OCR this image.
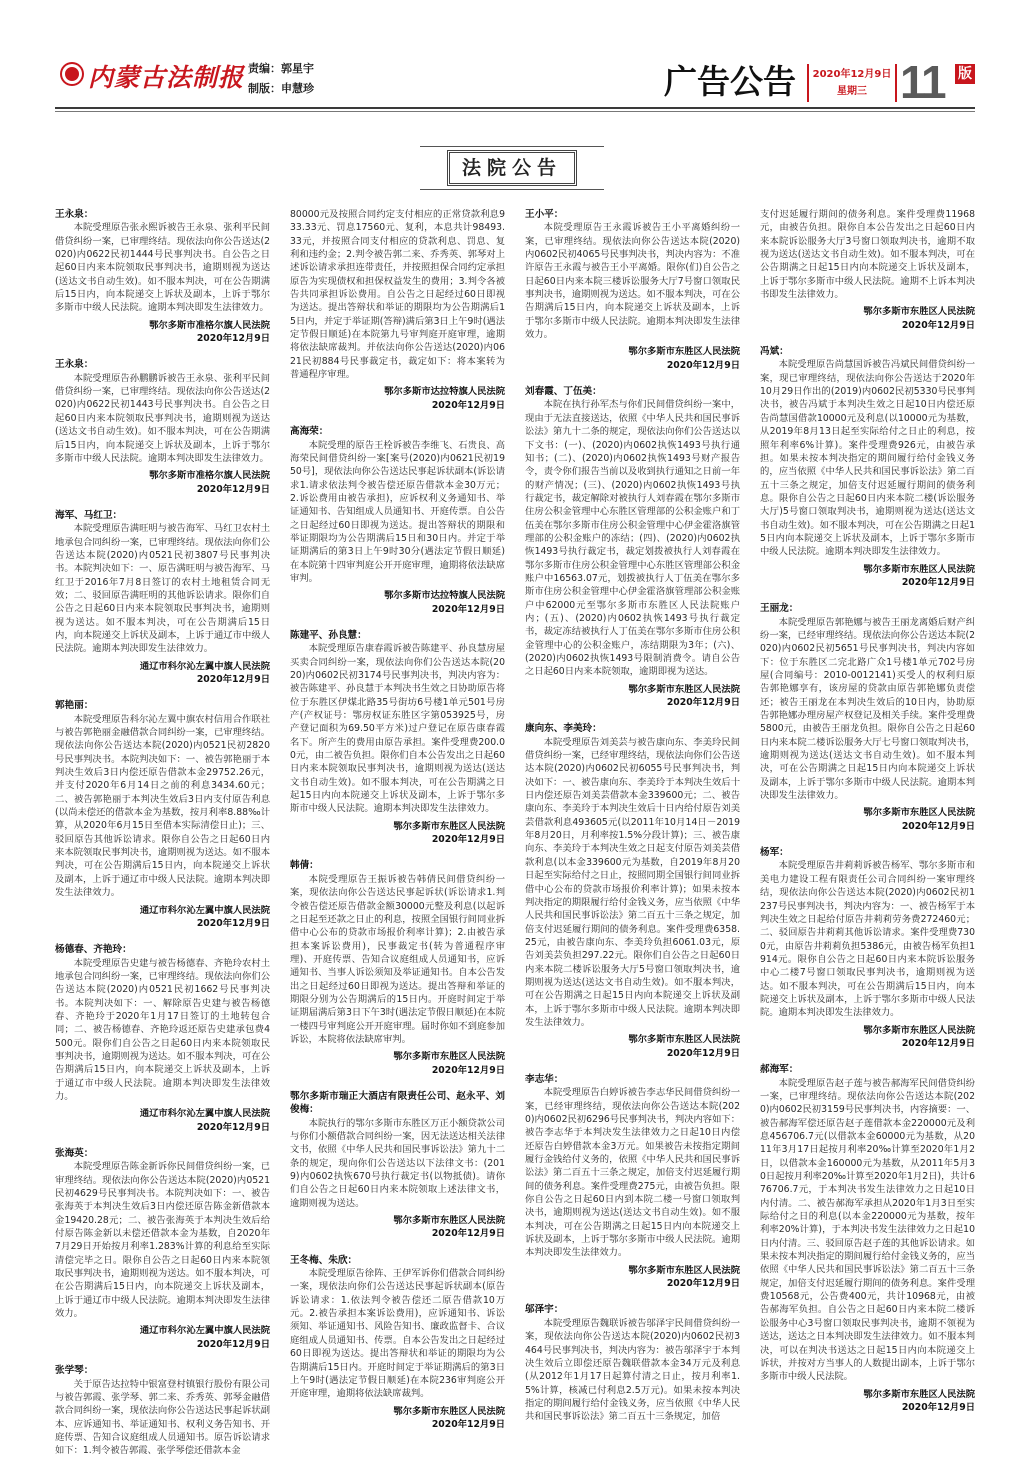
内蒙古法制报 责编：郭星宇
制版：申慧珍	广告公告	2020年12月9日
星期三 11 版
法院公告
王永泉：

本院受理原告张永熙诉被告王永泉、张利平民间借贷纠纷一案，已审理终结。现依法向你公告送达(2020)内0622民初1444号民事判决书。自公告之日起60日内来本院领取民事判决书，逾期则视为送达(送达文书自动生效)。如不服本判决，可在公告期满后15日内，向本院递交上诉状及副本，上诉于鄂尔多斯市中级人民法院。逾期本判决即发生法律效力。

鄂尔多斯市准格尔旗人民法院
2020年12月9日
王永泉：

本院受理原告孙鹏鹏诉被告王永泉、张利平民间借贷纠纷一案，已审理终结。现依法向你公告送达(2020)内0622民初1443号民事判决书。自公告之日起60日内来本院领取民事判决书，逾期则视为送达(送达文书自动生效)。如不服本判决，可在公告期满后15日内，向本院递交上诉状及副本，上诉于鄂尔多斯市中级人民法院。逾期本判决即发生法律效力。

鄂尔多斯市准格尔旗人民法院
2020年12月9日
海军、马红卫：

本院受理原告满旺明与被告海军、马红卫农村土地承包合同纠纷一案，已审理终结。现依法向你们公告送达本院(2020)内0521民初3807号民事判决书。本院判决如下：一、原告满旺明与被告海军、马红卫于2016年7月8日签订的农村土地租赁合同无效；二、驳回原告满旺明的其他诉讼请求。限你们自公告之日起60日内来本院领取民事判决书，逾期则视为送达。如不服本判决，可在公告期满后15日内，向本院递交上诉状及副本，上诉于通辽市中级人民法院。逾期本判决即发生法律效力。

通辽市科尔沁左翼中旗人民法院
2020年12月9日
郭艳丽：

本院受理原告科尔沁左翼中旗农村信用合作联社与被告郭艳丽金融借款合同纠纷一案，已审理终结。现依法向你公告送达本院(2020)内0521民初2820号民事判决书。本院判决如下：一、被告郭艳丽于本判决生效后3日内偿还原告借款本金29752.26元，并支付2020年6月14日之前的利息3434.60元；二、被告郭艳丽于本判决生效后3日内支付原告利息(以尚未偿还的借款本金为基数，按月利率8.88‰计算，从2020年6月15日至借本实际清偿日止)；三、驳回原告其他诉讼请求。限你自公告之日起60日内来本院领取民事判决书，逾期则视为送达。如不服本判决，可在公告期满后15日内，向本院递交上诉状及副本，上诉于通辽市中级人民法院。逾期本判决即发生法律效力。

通辽市科尔沁左翼中旗人民法院
2020年12月9日
杨德春、齐艳玲：

本院受理原告史建与被告杨德春、齐艳玲农村土地承包合同纠纷一案，已审理终结。现依法向你们公告送达本院(2020)内0521民初1662号民事判决书。本院判决如下：一、解除原告史建与被告杨德春、齐艳玲于2020年1月17日签订的土地转包合同；二、被告杨德春、齐艳玲返还原告史建承包费4500元。限你们自公告之日起60日内来本院领取民事判决书，逾期则视为送达。如不服本判决，可在公告期满后15日内，向本院递交上诉状及副本，上诉于通辽市中级人民法院。逾期本判决即发生法律效力。

通辽市科尔沁左翼中旗人民法院
2020年12月9日
张海英：

本院受理原告陈金新诉你民间借贷纠纷一案，已审理终结。现依法向你公告送达本院(2020)内0521民初4629号民事判决书。本院判决如下：一、被告张海英于本判决生效后3日内偿还原告陈金新借款本金19420.28元；二、被告张海英于本判决生效后给付原告陈金新以未偿还借款本金为基数，自2020年7月29日开始按月利率1.283%计算的利息给至实际清偿完毕之日。限你自公告之日起60日内来本院领取民事判决书，逾期则视为送达。如不服本判决，可在公告期满后15日内，向本院递交上诉状及副本，上诉于通辽市中级人民法院。逾期本判决即发生法律效力。

通辽市科尔沁左翼中旗人民法院
2020年12月9日
张学琴：

关于原告达拉特中银富登村镇银行股份有限公司与被告郭霞、张学琴、郭二来、乔秀英、郭琴金融借款合同纠纷一案，现依法向你公告送达民事起诉状副本、应诉通知书、举证通知书、权利义务告知书、开庭传票、告知合议庭组成人员通知书。原告诉讼请求如下：1.判令被告郭霞、张学琴偿还借款本金

80000元及按照合同约定支付相应的正常贷款利息933.33元、罚息17560元、复利，本息共计98493.33元，并按照合同支付相应的贷款利息、罚息、复利和违约金；2.判令被告郭二来、乔秀英、郭琴对上述诉讼请求承担连带责任，并按照担保合同约定承担原告为实现债权和担保权益发生的费用；3.判令各被告共同承担诉讼费用。自公告之日起经过60日即视为送达。提出答辩状和举证的期限均为公告期满后15日内，并定于举证期(答辩)满后第3日上午9时(遇法定节假日顺延)在本院第九号审判庭开庭审理，逾期将依法缺席裁判。并依法向你公告送达(2020)内0621民初884号民事裁定书，裁定如下：将本案转为普通程序审理。

鄂尔多斯市达拉特旗人民法院
2020年12月9日
高海荣：

本院受理的原告王栓诉被告李维飞、石贵良、高海荣民间借贷纠纷一案[案号(2020)内0621民初1950号]，现依法向你公告送达民事起诉状副本(诉讼请求1.请求依法判令被告偿还原告借款本金30万元；2.诉讼费用由被告承担)，应诉权利义务通知书、举证通知书、告知组成人员通知书、开庭传票。自公告之日起经过60日即视为送达。提出答辩状的期限和举证期限均为公告期满后15日和30日内。并定于举证期满后的第3日上午9时30分(遇法定节假日顺延)在本院第十四审判庭公开开庭审理，逾期将依法缺席审判。

鄂尔多斯市达拉特旗人民法院
2020年12月9日
陈建平、孙良慧：

本院受理原告康春霞诉被告陈建平、孙良慧房屋买卖合同纠纷一案，现依法向你们公告送达本院(2020)内0602民初3174号民事判决书，判决内容为：被告陈建平、孙良慧于本判决书生效之日协助原告将位于东胜区伊煤北路35号街坊6号楼1单元501号房产(产权证号：鄂房权证东胜区字第053925号，房产登记面积为69.50平方米)过户登记在原告康春霞名下。所产生的费用由原告承担。案件受理费200.00元，由二被告负担。限你们自本公告发出之日起60日内来本院领取民事判决书，逾期则视为送达(送达文书自动生效)。如不服本判决，可在公告期满之日起15日内向本院递交上诉状及副本，上诉于鄂尔多斯市中级人民法院。逾期本判决即发生法律效力。

鄂尔多斯市东胜区人民法院
2020年12月9日
韩倩：

本院受理原告王振诉被告韩倩民间借贷纠纷一案，现依法向你公告送达民事起诉状(诉讼请求1.判令被告偿还原告借款金额30000元整及利息(以起诉之日起至还款之日止的利息，按照全国银行间同业拆借中心公布的贷款市场报价利率计算)；2.由被告承担本案诉讼费用)，民事裁定书(转为普通程序审理)、开庭传票、告知合议庭组成人员通知书，应诉通知书、当事人诉讼须知及举证通知书。自本公告发出之日起经过60日即视为送达。提出答辩和举证的期限分别为公告期满后的15日内。开庭时间定于举证期届满后第3日下午3时(遇法定节假日顺延)在本院一楼四号审判庭公开开庭审理。届时你如不到庭参加诉讼，本院将依法缺席审判。

鄂尔多斯市东胜区人民法院
2020年12月9日
鄂尔多斯市瑞正大酒店有限责任公司、赵永平、刘俊梅：

本院执行的鄂尔多斯市东胜区万正小额贷款公司与你们小额借款合同纠纷一案，因无法送达相关法律文书，依照《中华人民共和国民事诉讼法》第九十二条的规定，现向你们公告送达以下法律文书：(2019)内0602执恢670号执行裁定书(以物抵债)。请你们自公告之日起60日内来本院领取上述法律文书，逾期则视为送达。

鄂尔多斯市东胜区人民法院
2020年12月9日
王冬梅、朱欣：

本院受理原告徐阵、王伊军诉你们借款合同纠纷一案，现依法向你们公告送达民事起诉状副本(原告诉讼请求：1.依法判令被告偿还二原告借款10万元。2.被告承担本案诉讼费用)，应诉通知书、诉讼须知、举证通知书、风险告知书、廉政监督卡、合议庭组成人员通知书、传票。自本公告发出之日起经过60日即视为送达。提出答辩状和举证的期限均为公告期满后15日内。开庭时间定于举证期满后的第3日上午9时(遇法定节假日顺延)在本院236审判庭公开开庭审理，逾期将依法缺席裁判。

鄂尔多斯市东胜区人民法院
2020年12月9日
王小平：

本院受理原告王永霞诉被告王小平离婚纠纷一案，已审理终结。现依法向你公告送达本院(2020)内0602民初4065号民事判决书，判决内容为：不准许原告王永霞与被告王小平离婚。限你(们)自公告之日起60日内来本院三楼诉讼服务大厅7号窗口领取民事判决书，逾期则视为送达。如不服本判决，可在公告期满后15日内，向本院递交上诉状及副本，上诉于鄂尔多斯市中级人民法院。逾期本判决即发生法律效力。

鄂尔多斯市东胜区人民法院
2020年12月9日
刘春霞、丁伍美：

本院在执行孙军杰与你们民间借贷纠纷一案中，现由于无法直接送达，依照《中华人民共和国民事诉讼法》第九十二条的规定，现依法向你们公告送达以下文书：(一)、(2020)内0602执恢1493号执行通知书；(二)、(2020)内0602执恢1493号财产报告令，责令你们报告当前以及收到执行通知之日前一年的财产情况；(三)、(2020)内0602执恢1493号执行裁定书，裁定解除对被执行人刘春霞在鄂尔多斯市住房公积金管理中心东胜区管理部的公积金账户和丁伍美在鄂尔多斯市住房公积金管理中心伊金霍洛旗管理部的公积金账户的冻结；(四)、(2020)内0602执恢1493号执行裁定书，裁定划拨被执行人刘春霞在鄂尔多斯市住房公积金管理中心东胜区管理部公积金账户中16563.07元，划拨被执行人丁伍美在鄂尔多斯市住房公积金管理中心伊金霍洛旗管理部公积金账户中62000元至鄂尔多斯市东胜区人民法院账户内；(五)、(2020)内0602执恢1493号执行裁定书，裁定冻结被执行人丁伍美在鄂尔多斯市住房公积金管理中心的公积金账户，冻结期限为3年；(六)、(2020)内0602执恢1493号限制消费令。请自公告之日起60日内来本院领取，逾期即视为送达。

鄂尔多斯市东胜区人民法院
2020年12月9日
康向东、李美玲：

本院受理原告刘美芸与被告康向东、李美玲民间借贷纠纷一案，已经审理终结，现依法向你们公告送达本院(2020)内0602民初6055号民事判决书，判决如下：一、被告康向东、李美玲于本判决生效后十日内偿还原告刘美芸借款本金339600元；二、被告康向东、李美玲于本判决生效后十日内给付原告刘美芸借款利息493605元(以2011年10月14日－2019年8月20日，月利率按1.5%分段计算)；三、被告康向东、李美玲于本判决生效之日起支付原告刘美芸借款利息(以本金339600元为基数，自2019年8月20日起至实际给付之日止，按照同期全国银行间同业拆借中心公布的贷款市场报价利率计算)；如果未按本判决指定的期限履行给付金钱义务，应当依照《中华人民共和国民事诉讼法》第二百五十三条之规定，加倍支付迟延履行期间的债务利息。案件受理费6358.25元，由被告康向东、李美玲负担6061.03元，原告刘美芸负担297.22元。限你们自公告之日起60日内来本院二楼诉讼服务大厅5号窗口领取判决书，逾期则视为送达(送达文书自动生效)。如不服本判决，可在公告期满之日起15日内向本院递交上诉状及副本，上诉于鄂尔多斯市中级人民法院。逾期本判决即发生法律效力。

鄂尔多斯市东胜区人民法院
2020年12月9日
李志华：

本院受理原告白婷诉被告李志华民间借贷纠纷一案，已经审理终结，现依法向你公告送达本院(2020)内0602民初6296号民事判决书，判决内容如下：被告李志华于本判决发生法律效力之日起10日内偿还原告白婷借款本金3万元。如果被告未按指定期间履行金钱给付义务的，依照《中华人民共和国民事诉讼法》第二百五十三条之规定，加倍支付迟延履行期间的债务利息。案件受理费275元，由被告负担。限你自公告之日起60日内到本院二楼一号窗口领取判决书，逾期则视为送达(送达文书自动生效)。如不服本判决，可在公告期满之日起15日内向本院递交上诉状及副本，上诉于鄂尔多斯市中级人民法院。逾期本判决即发生法律效力。

鄂尔多斯市东胜区人民法院
2020年12月9日
邬泽宇：

本院受理原告魏联诉被告邬泽宇民间借贷纠纷一案，现依法向你公告送达本院(2020)内0602民初3464号民事判决书，判决内容为：被告邬泽宇于本判决生效后立即偿还原告魏联借款本金34万元及利息(从2012年1月17日起算付清之日止，按月利率1.5%计算，核减已付利息2.5万元)。如果未按本判决指定的期间履行给付金钱义务，应当依照《中华人民共和国民事诉讼法》第二百五十三条规定，加倍

支付迟延履行期间的债务利息。案件受理费11968元，由被告负担。限你自本公告发出之日起60日内来本院诉讼服务大厅3号窗口领取判决书，逾期不取视为送达(送达文书自动生效)。如不服本判决，可在公告期满之日起15日内向本院递交上诉状及副本，上诉于鄂尔多斯市中级人民法院。逾期不上诉本判决书即发生法律效力。

鄂尔多斯市东胜区人民法院
2020年12月9日
冯斌：

本院受理原告尚慧国诉被告冯斌民间借贷纠纷一案，现已审理终结，现依法向你公告送达于2020年10月29日作出的(2019)内0602民初5330号民事判决书，被告冯斌于本判决生效之日起10日内偿还原告尚慧国借款10000元及利息(以10000元为基数，从2019年8月13日起至实际给付之日止的利息，按照年利率6%计算)。案件受理费926元，由被告承担。如果未按本判决指定的期间履行给付金钱义务的，应当依照《中华人民共和国民事诉讼法》第二百五十三条之规定，加倍支付迟延履行期间的债务利息。限你自公告之日起60日内来本院二楼(诉讼服务大厅)5号窗口领取判决书，逾期则视为送达(送达文书自动生效)。如不服本判决，可在公告期满之日起15日内向本院递交上诉状及副本，上诉于鄂尔多斯市中级人民法院。逾期本判决即发生法律效力。

鄂尔多斯市东胜区人民法院
2020年12月9日
王丽龙：

本院受理原告郭艳娜与被告王丽龙离婚后财产纠纷一案，已经审理终结。现依法向你公告送达本院(2020)内0602民初5651号民事判决书，判决内容如下：位于东胜区二完北路广众1号楼1单元702号房屋(合同编号：2010-0012141)买受人的权利归原告郭艳娜享有，该房屋的贷款由原告郭艳娜负责偿还；被告王丽龙在本判决生效后的10日内，协助原告郭艳娜办理房屋产权登记及相关手续。案件受理费5800元，由被告王丽龙负担。限你自公告之日起60日内来本院二楼诉讼服务大厅七号窗口领取判决书，逾期则视为送达(送达文书自动生效)。如不服本判决，可在公告期满之日起15日内向本院递交上诉状及副本，上诉于鄂尔多斯市中级人民法院。逾期本判决即发生法律效力。

鄂尔多斯市东胜区人民法院
2020年12月9日
杨军：

本院受理原告井莉莉诉被告杨军、鄂尔多斯市和美电力建设工程有限责任公司合同纠纷一案审理终结，现依法向你公告送达本院(2020)内0602民初1237号民事判决书，判决内容为：一、被告杨军于本判决生效之日起给付原告井莉莉劳务费272460元；二、驳回原告井莉莉其他诉讼请求。案件受理费7300元，由原告井莉莉负担5386元，由被告杨军负担1914元。限你自公告之日起60日内来本院诉讼服务中心二楼7号窗口领取民事判决书，逾期则视为送达。如不服本判决，可在公告期满后15日内，向本院递交上诉状及副本，上诉于鄂尔多斯市中级人民法院。逾期本判决即发生法律效力。

鄂尔多斯市东胜区人民法院
2020年12月9日
郝海军：

本院受理原告赵子莲与被告郝海军民间借贷纠纷一案，已审理终结。现依法向你公告送达本院(2020)内0602民初3159号民事判决书，内容摘要：一、被告郝海军偿还原告赵子莲借款本金220000元及利息456706.7元(以借款本金60000元为基数，从2011年3月17日起按月利率20‰计算至2020年1月2日，以借款本金160000元为基数，从2011年5月30日起按月利率20‰计算至2020年1月2日)，共计676706.7元，于本判决书发生法律效力之日起10日内付清。二、被告郝海军承担从2020年1月3日至实际给付之日的利息(以本金220000元为基数，按年利率20%计算)，于本判决书发生法律效力之日起10日内付清。三、驳回原告赵子莲的其他诉讼请求。如果未按本判决指定的期间履行给付金钱义务的，应当依照《中华人民共和国民事诉讼法》第二百五十三条规定，加倍支付迟延履行期间的债务利息。案件受理费10568元，公告费400元，共计10968元，由被告郝海军负担。自公告之日起60日内来本院二楼诉讼服务中心3号窗口领取民事判决书，逾期不领视为送达，送达之日本判决即发生法律效力。如不服本判决，可以在判决书送达之日起15日内向本院递交上诉状，并按对方当事人的人数提出副本，上诉于鄂尔多斯市中级人民法院。

鄂尔多斯市东胜区人民法院
2020年12月9日
